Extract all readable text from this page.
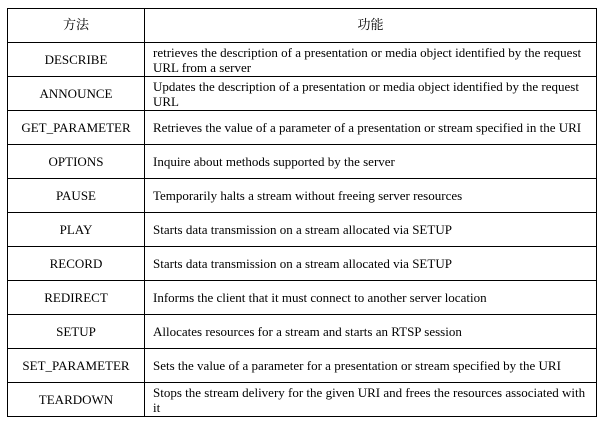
方法	功能
DESCRIBE	retrieves the description of a presentation or media object identified by the request URL from a server
ANNOUNCE	Updates the description of a presentation or media object identified by the request URL
GET_PARAMETER	Retrieves the value of a parameter of a presentation or stream specified in the URI
OPTIONS	Inquire about methods supported by the server
PAUSE	Temporarily halts a stream without freeing server resources
PLAY	Starts data transmission on a stream allocated via SETUP
RECORD	Starts data transmission on a stream allocated via SETUP
REDIRECT	Informs the client that it must connect to another server location
SETUP	Allocates resources for a stream and starts an RTSP session
SET_PARAMETER	Sets the value of a parameter for a presentation or stream specified by the URI
TEARDOWN	Stops the stream delivery for the given URI and frees the resources associated with it
